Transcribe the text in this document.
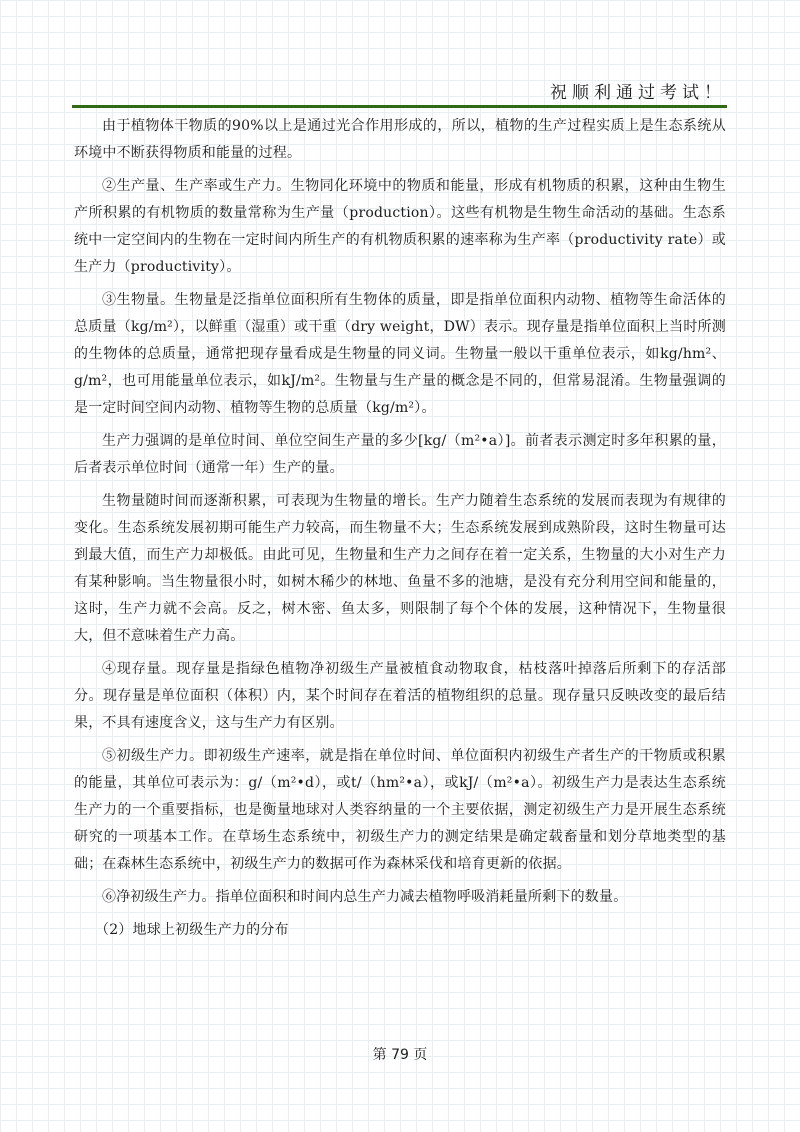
祝顺利通过考试！

由于植物体干物质的90%以上是通过光合作用形成的，所以，植物的生产过程实质上是生态系统从环境中不断获得物质和能量的过程。

②生产量、生产率或生产力。生物同化环境中的物质和能量，形成有机物质的积累，这种由生物生产所积累的有机物质的数量常称为生产量（production）。这些有机物是生物生命活动的基础。生态系统中一定空间内的生物在一定时间内所生产的有机物质积累的速率称为生产率（productivity rate）或生产力（productivity）。

③生物量。生物量是泛指单位面积所有生物体的质量，即是指单位面积内动物、植物等生命活体的总质量（kg/m²），以鲜重（湿重）或干重（dry weight，DW）表示。现存量是指单位面积上当时所测的生物体的总质量，通常把现存量看成是生物量的同义词。生物量一般以干重单位表示，如kg/hm²、g/m²，也可用能量单位表示，如kJ/m²。生物量与生产量的概念是不同的，但常易混淆。生物量强调的是一定时间空间内动物、植物等生物的总质量（kg/m²）。

生产力强调的是单位时间、单位空间生产量的多少[kg/（m²•a）]。前者表示测定时多年积累的量，后者表示单位时间（通常一年）生产的量。

生物量随时间而逐渐积累，可表现为生物量的增长。生产力随着生态系统的发展而表现为有规律的变化。生态系统发展初期可能生产力较高，而生物量不大；生态系统发展到成熟阶段，这时生物量可达到最大值，而生产力却极低。由此可见，生物量和生产力之间存在着一定关系，生物量的大小对生产力有某种影响。当生物量很小时，如树木稀少的林地、鱼量不多的池塘，是没有充分利用空间和能量的，这时，生产力就不会高。反之，树木密、鱼太多，则限制了每个个体的发展，这种情况下，生物量很大，但不意味着生产力高。

④现存量。现存量是指绿色植物净初级生产量被植食动物取食，枯枝落叶掉落后所剩下的存活部分。现存量是单位面积（体积）内，某个时间存在着活的植物组织的总量。现存量只反映改变的最后结果，不具有速度含义，这与生产力有区别。

⑤初级生产力。即初级生产速率，就是指在单位时间、单位面积内初级生产者生产的干物质或积累的能量，其单位可表示为：g/（m²•d），或t/（hm²•a），或kJ/（m²•a）。初级生产力是表达生态系统生产力的一个重要指标，也是衡量地球对人类容纳量的一个主要依据，测定初级生产力是开展生态系统研究的一项基本工作。在草场生态系统中，初级生产力的测定结果是确定载畜量和划分草地类型的基础；在森林生态系统中，初级生产力的数据可作为森林采伐和培育更新的依据。

⑥净初级生产力。指单位面积和时间内总生产力减去植物呼吸消耗量所剩下的数量。

（2）地球上初级生产力的分布

第 79 页
